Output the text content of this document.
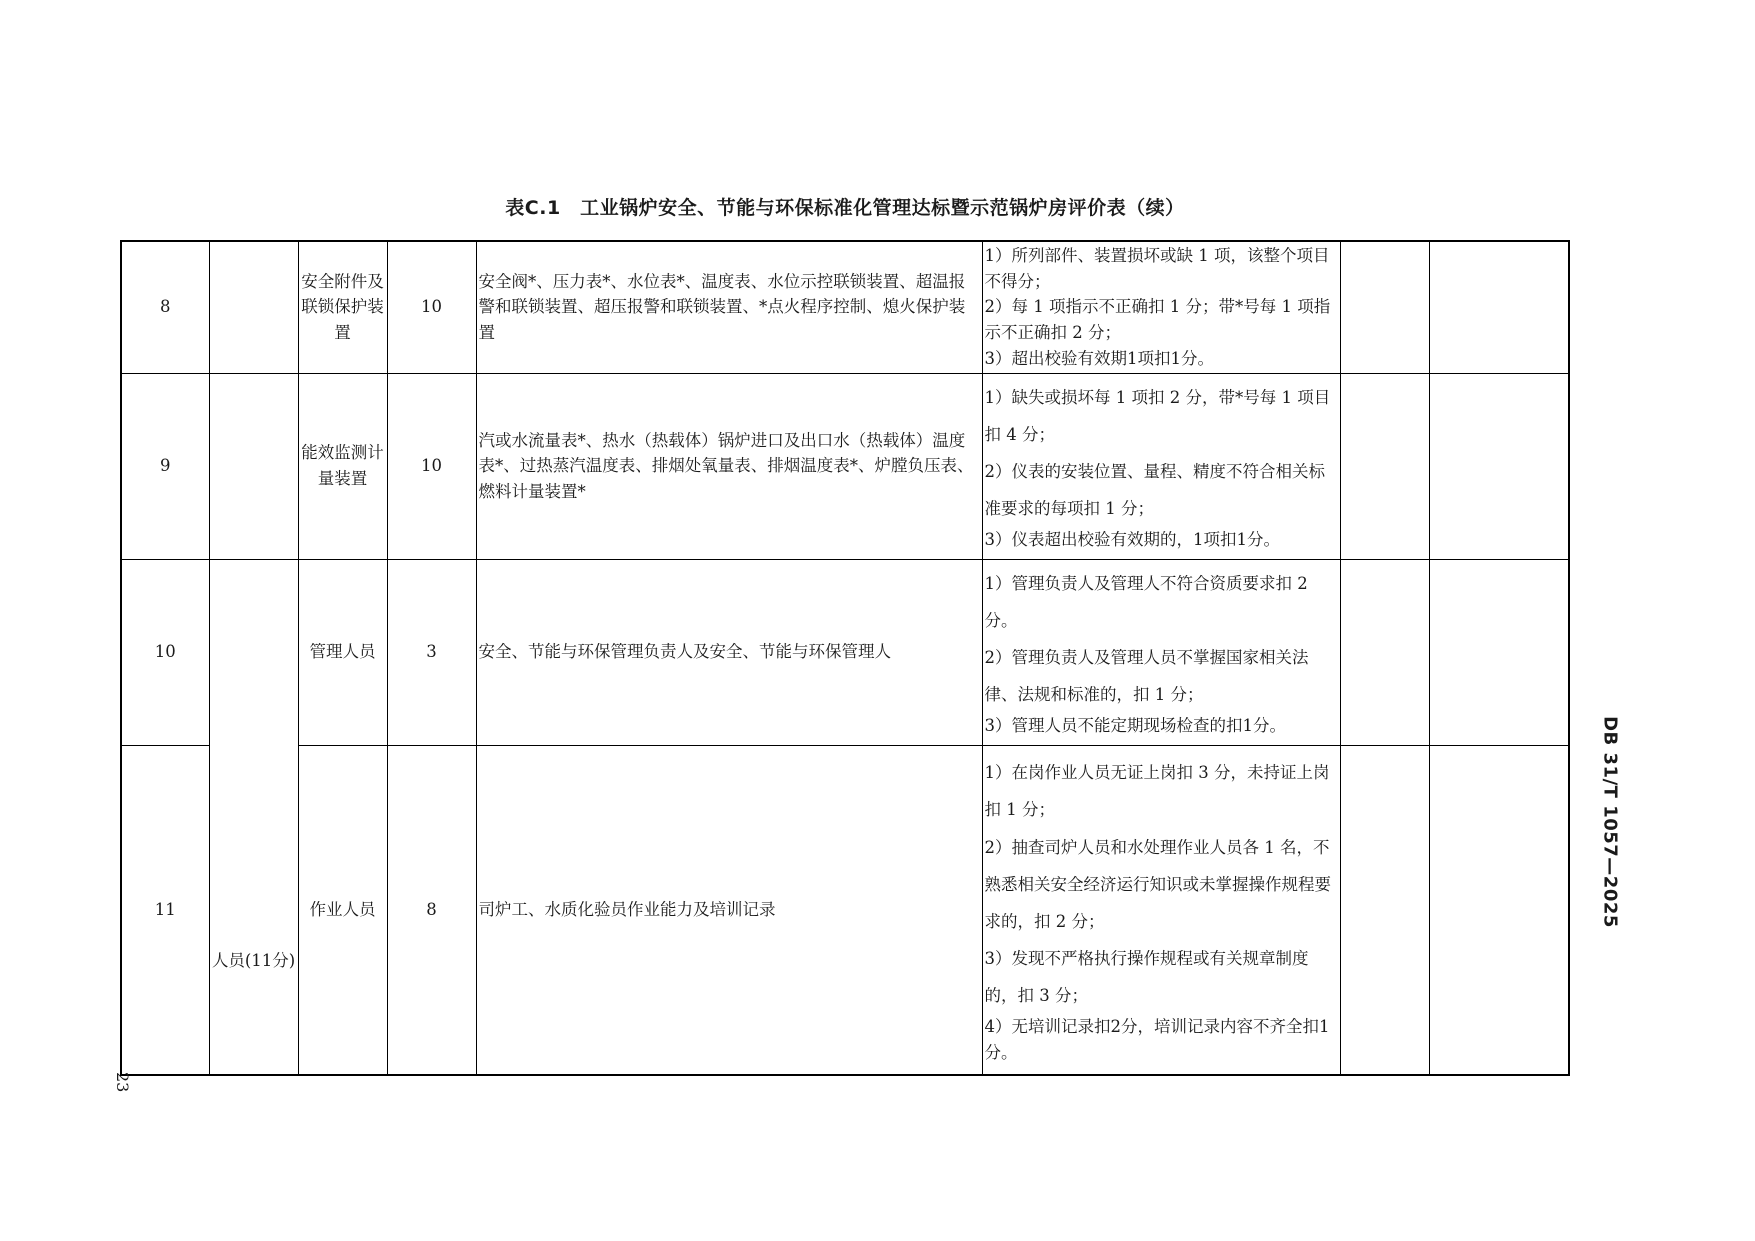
表C.1　工业锅炉安全、节能与环保标准化管理达标暨示范锅炉房评价表（续）
8		安全附件及联锁保护装置	10	安全阀*、压力表*、水位表*、温度表、水位示控联锁装置、超温报警和联锁装置、超压报警和联锁装置、*点火程序控制、熄火保护装置	1）所列部件、装置损坏或缺 1 项，该整个项目不得分；
2）每 1 项指示不正确扣 1 分；带*号每 1 项指示不正确扣 2 分；
3）超出校验有效期1项扣1分。		

9		能效监测计量装置	10	汽或水流量表*、热水（热载体）锅炉进口及出口水（热载体）温度表*、过热蒸汽温度表、排烟处氧量表、排烟温度表*、炉膛负压表、 燃料计量装置*	1）缺失或损坏每 1 项扣 2 分，带*号每 1 项目扣 4 分；
2）仪表的安装位置、量程、精度不符合相关标准要求的每项扣 1 分；
3）仪表超出校验有效期的，1项扣1分。		

10	人员(11分)	管理人员	3	安全、节能与环保管理负责人及安全、节能与环保管理人	1）管理负责人及管理人不符合资质要求扣 2 分。
2）管理负责人及管理人员不掌握国家相关法律、法规和标准的，扣 1 分；
3）管理人员不能定期现场检查的扣1分。		

11		作业人员	8	司炉工、水质化验员作业能力及培训记录	1）在岗作业人员无证上岗扣 3 分，未持证上岗扣 1 分；
2）抽查司炉人员和水处理作业人员各 1 名，不熟悉相关安全经济运行知识或未掌握操作规程要求的，扣 2 分；
3）发现不严格执行操作规程或有关规章制度的，扣 3 分；
4）无培训记录扣2分，培训记录内容不齐全扣1分。		

23
DB 31/T 1057—2025
